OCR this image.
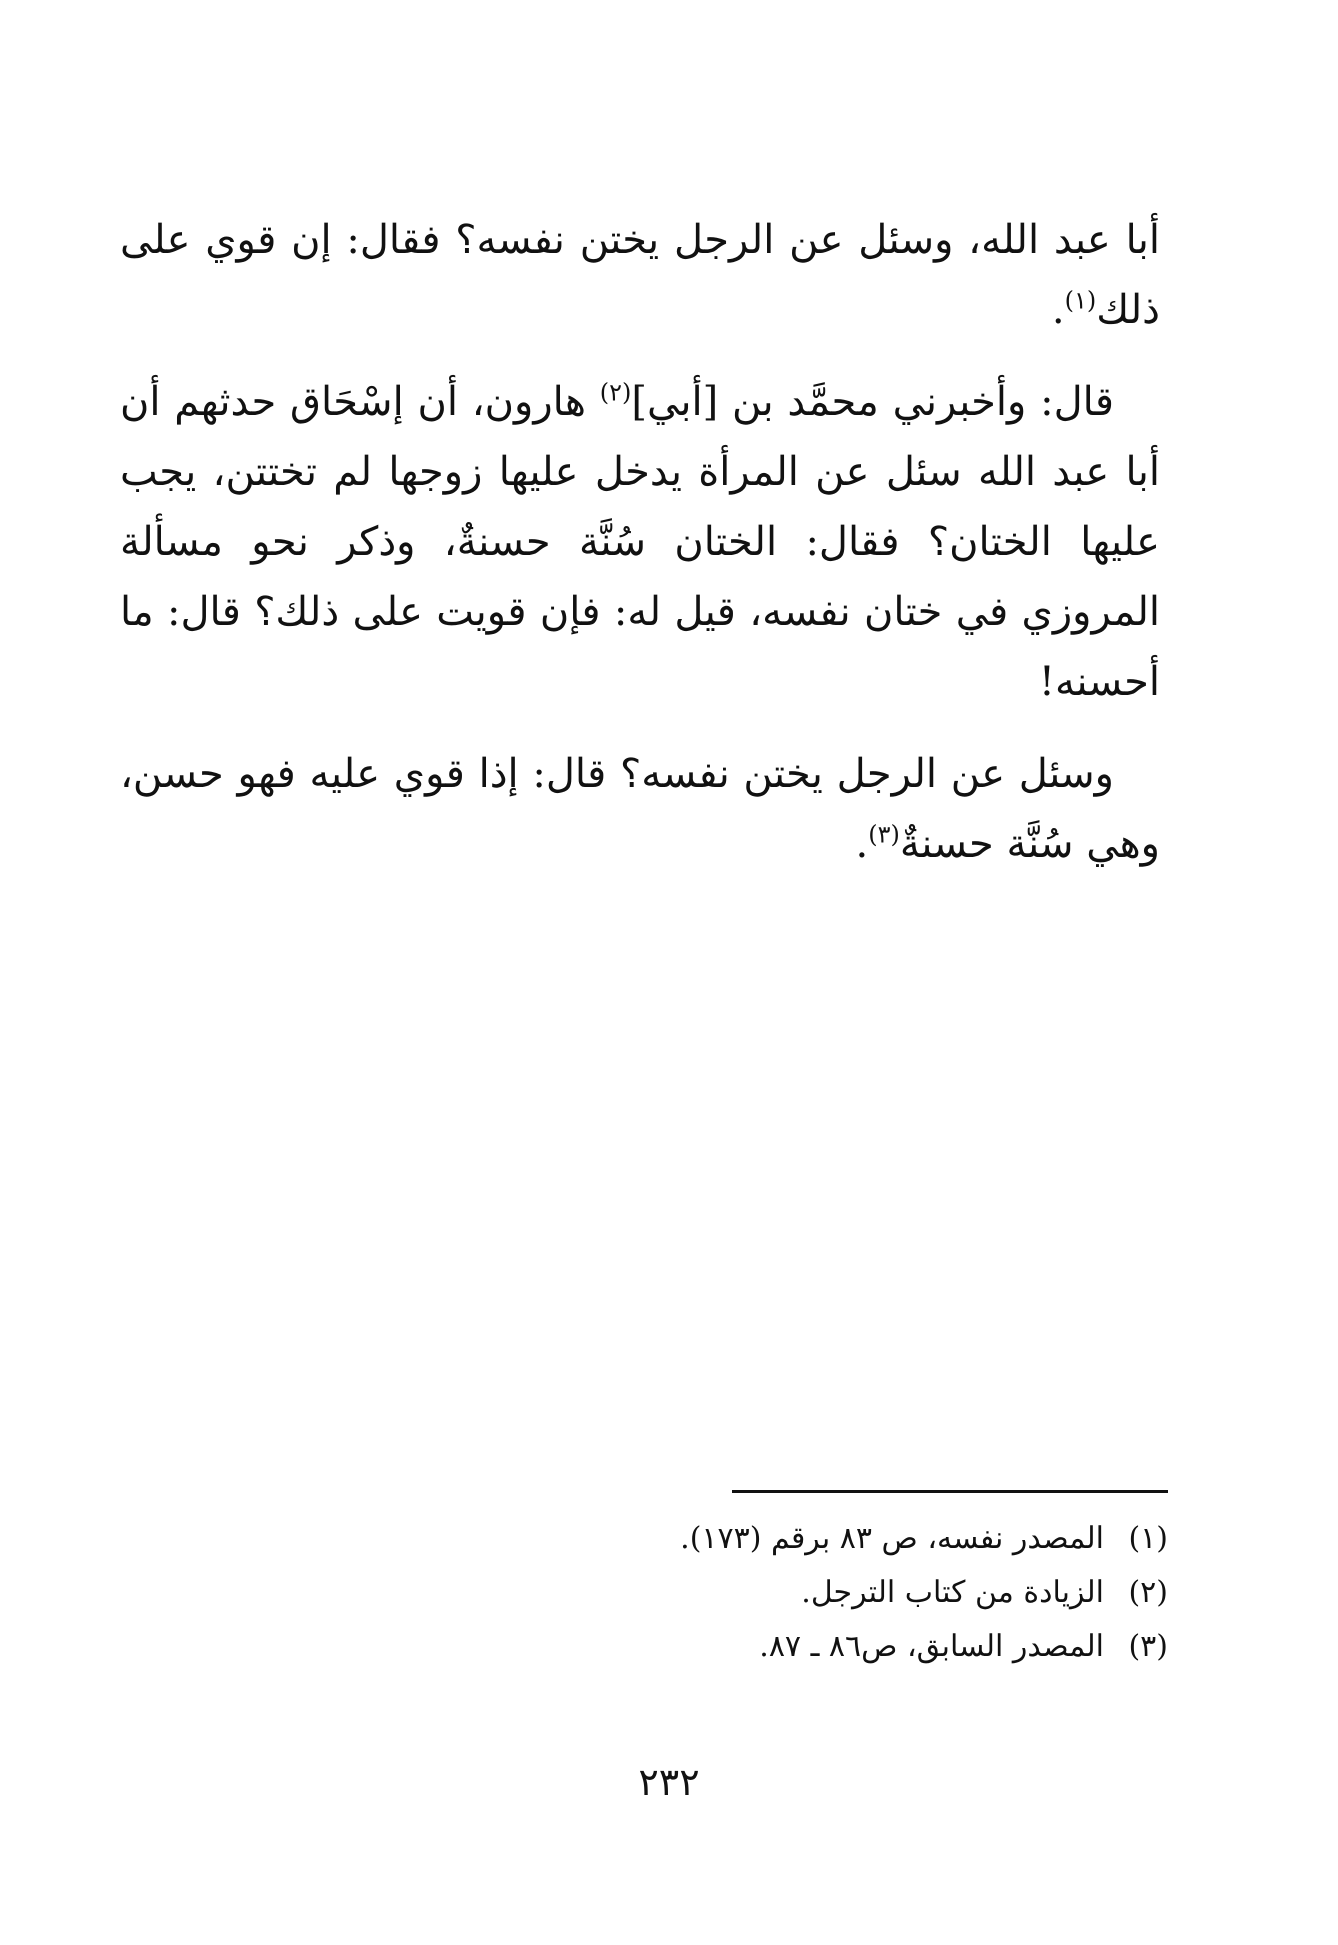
أبا عبد الله، وسئل عن الرجل يختن نفسه؟ فقال: إن قوي على ذلك$^{(١)}$.

قال: وأخبرني محمَّد بن [أبي]$^{(٢)}$ هارون، أن إسْحَاق حدثهم أن أبا عبد الله سئل عن المرأة يدخل عليها زوجها لم تختتن، يجب عليها الختان؟ فقال: الختان سُنَّة حسنةٌ، وذكر نحو مسألة المروزي في ختان نفسه، قيل له: فإن قويت على ذلك؟ قال: ما أحسنه!

وسئل عن الرجل يختن نفسه؟ قال: إذا قوي عليه فهو حسن، وهي سُنَّة حسنةٌ$^{(٣)}$.

(١)المصدر نفسه، ص ٨٣ برقم (١٧٣).
(٢)الزيادة من كتاب الترجل.
(٣)المصدر السابق، ص٨٦ ـ ٨٧.
٢٣٢
